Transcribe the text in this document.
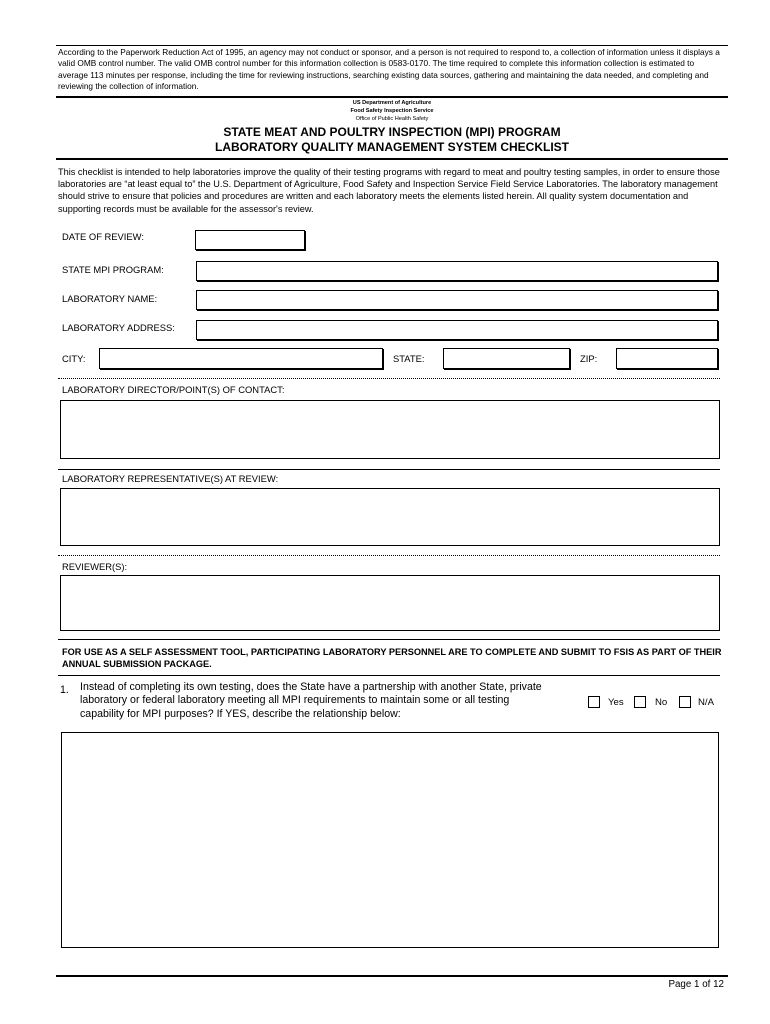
According to the Paperwork Reduction Act of 1995, an agency may not conduct or sponsor, and a person is not required to respond to, a collection of information unless it displays a valid OMB control number. The valid OMB control number for this information collection is 0583-0170. The time required to complete this information collection is estimated to average 113 minutes per response, including the time for reviewing instructions, searching existing data sources, gathering and maintaining the data needed, and completing and reviewing the collection of information.
US Department of Agriculture
Food Safety Inspection Service
Office of Public Health Safety
STATE MEAT AND POULTRY INSPECTION (MPI) PROGRAM
LABORATORY QUALITY MANAGEMENT SYSTEM CHECKLIST
This checklist is intended to help laboratories improve the quality of their testing programs with regard to meat and poultry testing samples, in order to ensure those laboratories are “at least equal to” the U.S. Department of Agriculture, Food Safety and Inspection Service Field Service Laboratories. The laboratory management should strive to ensure that policies and procedures are written and each laboratory meets the elements listed herein. All quality system documentation and supporting records must be available for the assessor's review.
DATE OF REVIEW:
STATE MPI PROGRAM:
LABORATORY NAME:
LABORATORY ADDRESS:
CITY:	STATE:	ZIP:
LABORATORY DIRECTOR/POINT(S) OF CONTACT:
LABORATORY REPRESENTATIVE(S) AT REVIEW:
REVIEWER(S):
FOR USE AS A SELF ASSESSMENT TOOL, PARTICIPATING LABORATORY PERSONNEL ARE TO COMPLETE AND SUBMIT TO FSIS AS PART OF THEIR ANNUAL SUBMISSION PACKAGE.
1. Instead of completing its own testing, does the State have a partnership with another State, private laboratory or federal laboratory meeting all MPI requirements to maintain some or all testing capability for MPI purposes? If YES, describe the relationship below:
Yes	No	N/A
Page 1 of 12
